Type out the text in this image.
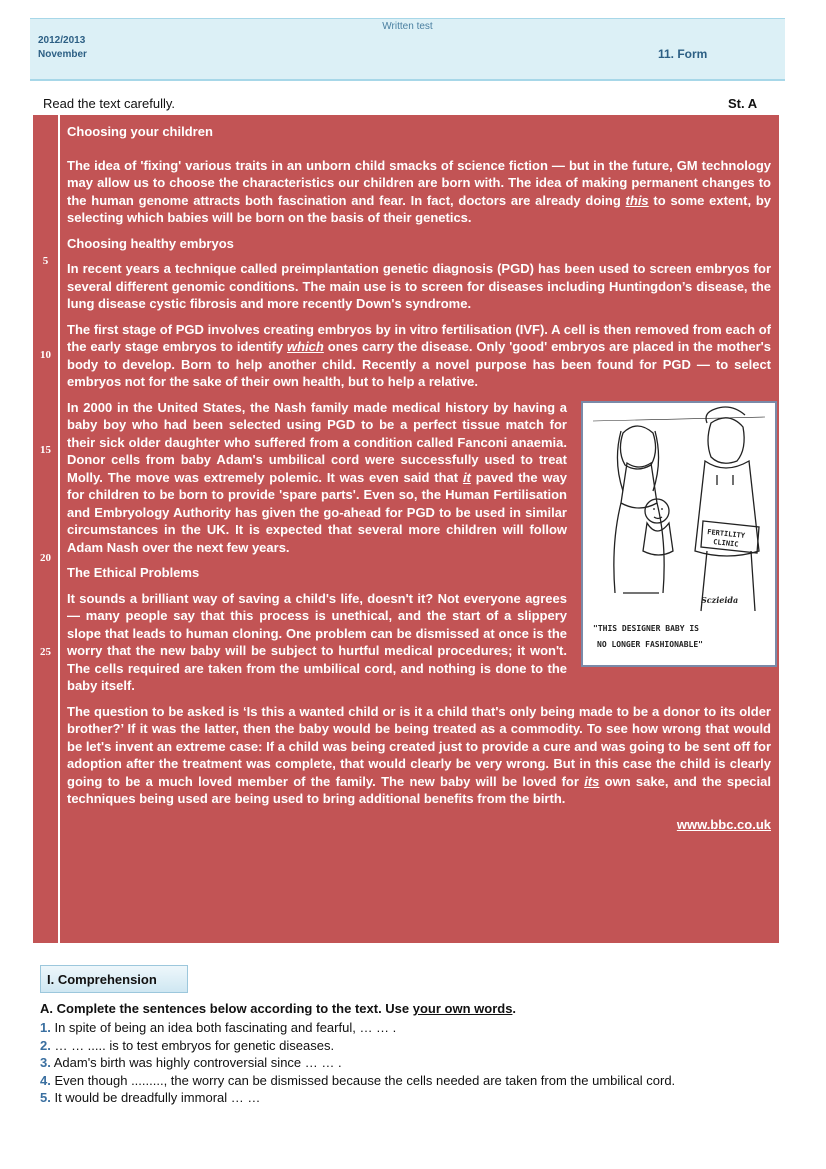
Written test
2012/2013
November	11. Form
Read the text carefully.	St. A
5
10
15
20
25

Choosing your children

The idea of 'fixing' various traits in an unborn child smacks of science fiction — but in the future, GM technology may allow us to choose the characteristics our children are born with. The idea of making permanent changes to the human genome attracts both fascination and fear. In fact, doctors are already doing this to some extent, by selecting which babies will be born on the basis of their genetics.

Choosing healthy embryos

In recent years a technique called preimplantation genetic diagnosis (PGD) has been used to screen embryos for several different genomic conditions. The main use is to screen for diseases including Huntingdon’s disease, the lung disease cystic fibrosis and more recently Down's syndrome.

The first stage of PGD involves creating embryos by in vitro fertilisation (IVF). A cell is then removed from each of the early stage embryos to identify which ones carry the disease. Only 'good' embryos are placed in the mother's body to develop. Born to help another child. Recently a novel purpose has been found for PGD — to select embryos not for the sake of their own health, but to help a relative.

FERTILITY
CLINIC
Sczieida
"THIS DESIGNER BABY IS
NO LONGER FASHIONABLE"

In 2000 in the United States, the Nash family made medical history by having a baby boy who had been selected using PGD to be a perfect tissue match for their sick older daughter who suffered from a condition called Fanconi anaemia. Donor cells from baby Adam's umbilical cord were successfully used to treat Molly. The move was extremely polemic. It was even said that it paved the way for children to be born to provide 'spare parts'. Even so, the Human Fertilisation and Embryology Authority has given the go-ahead for PGD to be used in similar circumstances in the UK. It is expected that several more children will follow Adam Nash over the next few years.

The Ethical Problems

It sounds a brilliant way of saving a child's life, doesn't it? Not everyone agrees — many people say that this process is unethical, and the start of a slippery slope that leads to human cloning. One problem can be dismissed at once is the worry that the new baby will be subject to hurtful medical procedures; it won't. The cells required are taken from the umbilical cord, and nothing is done to the baby itself.

The question to be asked is ‘Is this a wanted child or is it a child that's only being made to be a donor to its older brother?’ If it was the latter, then the baby would be being treated as a commodity. To see how wrong that would be let's invent an extreme case: If a child was being created just to provide a cure and was going to be sent off for adoption after the treatment was complete, that would clearly be very wrong. But in this case the child is clearly going to be a much loved member of the family. The new baby will be loved for its own sake, and the special techniques being used are being used to bring additional benefits from the birth.

www.bbc.co.uk

I. Comprehension
A. Complete the sentences below according to the text. Use your own words.
1. In spite of being an idea both fascinating and fearful, … … .
2. … … ..... is to test embryos for genetic diseases.
3. Adam's birth was highly controversial since … … .
4. Even though ........., the worry can be dismissed because the cells needed are taken from the umbilical cord.
5. It would be dreadfully immoral … …
